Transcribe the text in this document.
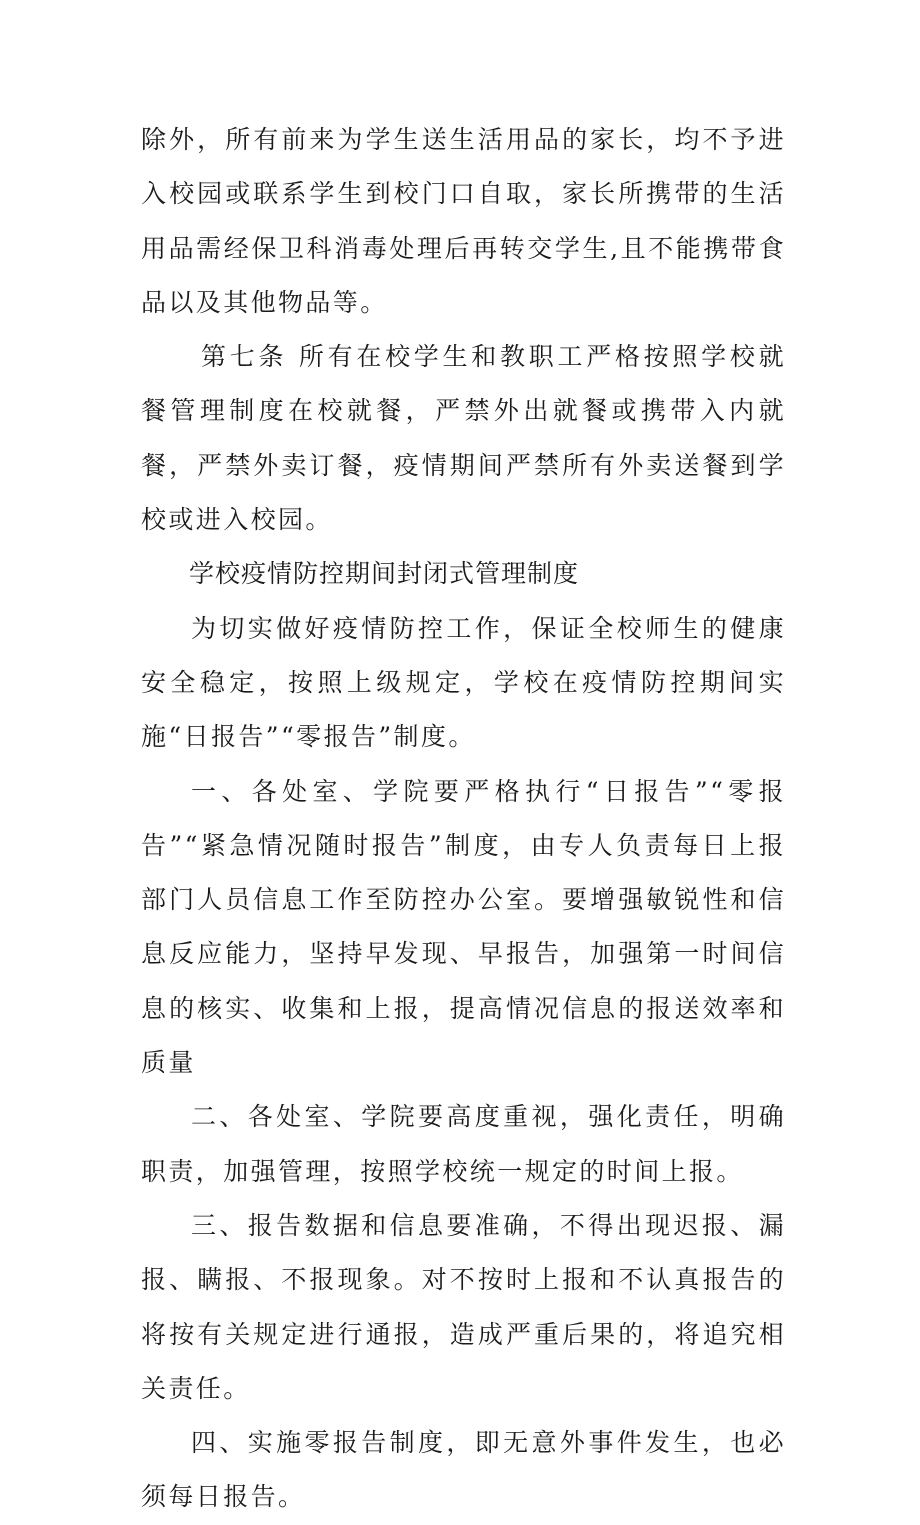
除外，所有前来为学生送生活用品的家长，均不予进入校园或联系学生到校门口自取，家长所携带的生活用品需经保卫科消毒处理后再转交学生,且不能携带食品以及其他物品等。

第七条 所有在校学生和教职工严格按照学校就餐管理制度在校就餐，严禁外出就餐或携带入内就餐，严禁外卖订餐，疫情期间严禁所有外卖送餐到学校或进入校园。

学校疫情防控期间封闭式管理制度

为切实做好疫情防控工作，保证全校师生的健康安全稳定，按照上级规定，学校在疫情防控期间实施“日报告”“零报告”制度。

一、各处室、学院要严格执行“日报告”“零报告”“紧急情况随时报告”制度，由专人负责每日上报部门人员信息工作至防控办公室。要增强敏锐性和信息反应能力，坚持早发现、早报告，加强第一时间信息的核实、收集和上报，提高情况信息的报送效率和质量

二、各处室、学院要高度重视，强化责任，明确职责，加强管理，按照学校统一规定的时间上报。

三、报告数据和信息要准确，不得出现迟报、漏报、瞒报、不报现象。对不按时上报和不认真报告的将按有关规定进行通报，造成严重后果的，将追究相关责任。

四、实施零报告制度，即无意外事件发生，也必须每日报告。
